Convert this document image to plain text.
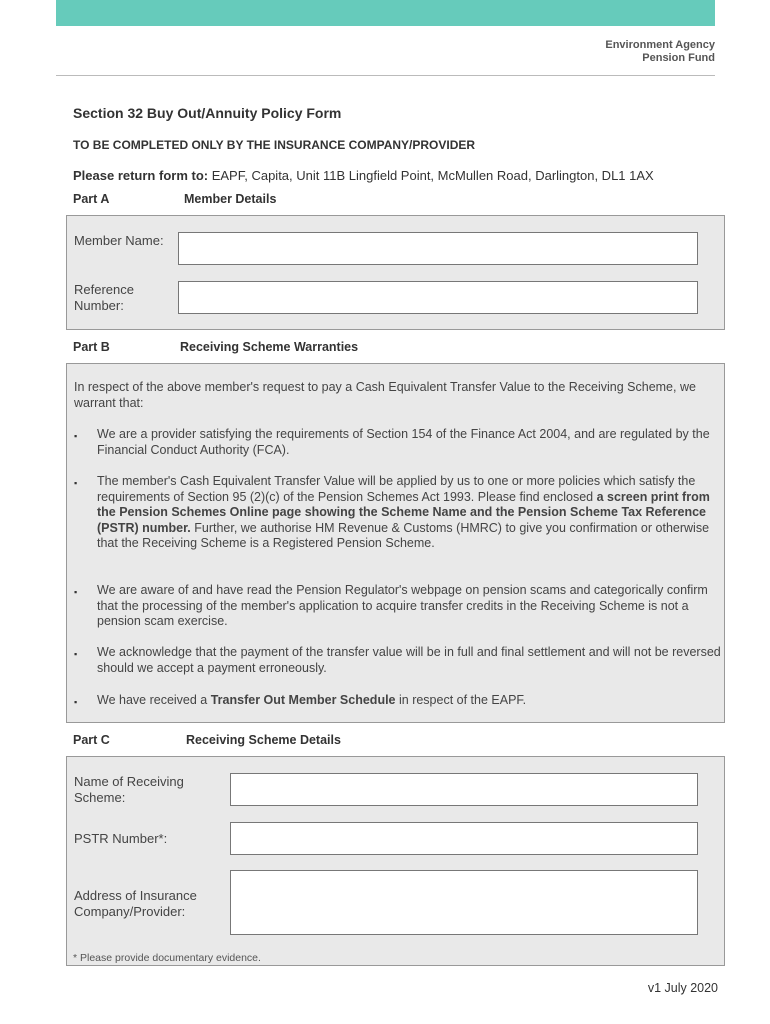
Environment Agency
Pension Fund
Section 32 Buy Out/Annuity Policy Form
TO BE COMPLETED ONLY BY THE INSURANCE COMPANY/PROVIDER
Please return form to: EAPF, Capita, Unit 11B Lingfield Point, McMullen Road, Darlington, DL1 1AX
Part A	Member Details
Member Name:
Reference Number:
Part B	Receiving Scheme Warranties
In respect of the above member's request to pay a Cash Equivalent Transfer Value to the Receiving Scheme, we warrant that:
▪ We are a provider satisfying the requirements of Section 154 of the Finance Act 2004, and are regulated by the Financial Conduct Authority (FCA).
▪ The member's Cash Equivalent Transfer Value will be applied by us to one or more policies which satisfy the requirements of Section 95 (2)(c) of the Pension Schemes Act 1993. Please find enclosed a screen print from the Pension Schemes Online page showing the Scheme Name and the Pension Scheme Tax Reference (PSTR) number. Further, we authorise HM Revenue & Customs (HMRC) to give you confirmation or otherwise that the Receiving Scheme is a Registered Pension Scheme.
▪ We are aware of and have read the Pension Regulator's webpage on pension scams and categorically confirm that the processing of the member's application to acquire transfer credits in the Receiving Scheme is not a pension scam exercise.
▪ We acknowledge that the payment of the transfer value will be in full and final settlement and will not be reversed should we accept a payment erroneously.
▪ We have received a Transfer Out Member Schedule in respect of the EAPF.
Part C	Receiving Scheme Details
Name of Receiving Scheme:
PSTR Number*:
Address of Insurance Company/Provider:
* Please provide documentary evidence.
v1 July 2020
